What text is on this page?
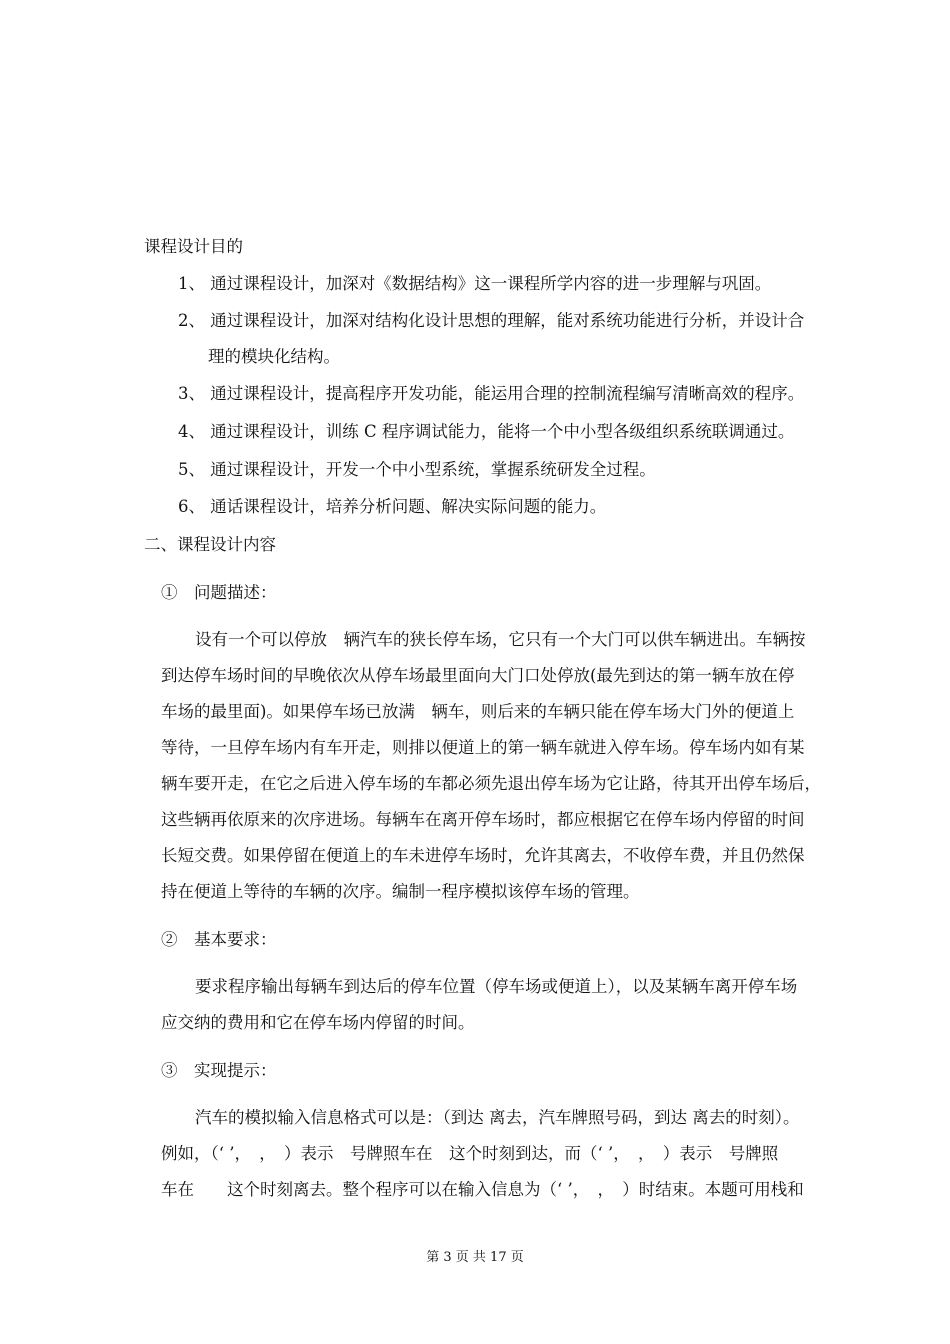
课程设计目的

1、 通过课程设计，加深对《数据结构》这一课程所学内容的进一步理解与巩固。

2、 通过课程设计，加深对结构化设计思想的理解，能对系统功能进行分析，并设计合

理的模块化结构。

3、 通过课程设计，提高程序开发功能，能运用合理的控制流程编写清晰高效的程序。

4、 通过课程设计，训练 C 程序调试能力，能将一个中小型各级组织系统联调通过。

5、 通过课程设计，开发一个中小型系统，掌握系统研发全过程。

6、 通话课程设计，培养分析问题、解决实际问题的能力。

二、课程设计内容

①　问题描述：

设有一个可以停放　辆汽车的狭长停车场，它只有一个大门可以供车辆进出。车辆按

到达停车场时间的早晚依次从停车场最里面向大门口处停放(最先到达的第一辆车放在停

车场的最里面)。如果停车场已放满　辆车，则后来的车辆只能在停车场大门外的便道上

等待，一旦停车场内有车开走，则排以便道上的第一辆车就进入停车场。停车场内如有某

辆车要开走，在它之后进入停车场的车都必须先退出停车场为它让路，待其开出停车场后，

这些辆再依原来的次序进场。每辆车在离开停车场时，都应根据它在停车场内停留的时间

长短交费。如果停留在便道上的车未进停车场时，允许其离去，不收停车费，并且仍然保

持在便道上等待的车辆的次序。编制一程序模拟该停车场的管理。

②　基本要求：

要求程序输出每辆车到达后的停车位置（停车场或便道上），以及某辆车离开停车场

应交纳的费用和它在停车场内停留的时间。

③　实现提示：

汽车的模拟输入信息格式可以是：（到达 离去，汽车牌照号码，到达 离去的时刻）。

例如，（‘ ’，　，　）表示　号牌照车在　这个时刻到达，而（‘ ’，　，　）表示　号牌照

车在　　这个时刻离去。整个程序可以在输入信息为（‘ ’，　，　）时结束。本题可用栈和

第 3 页 共 17 页
